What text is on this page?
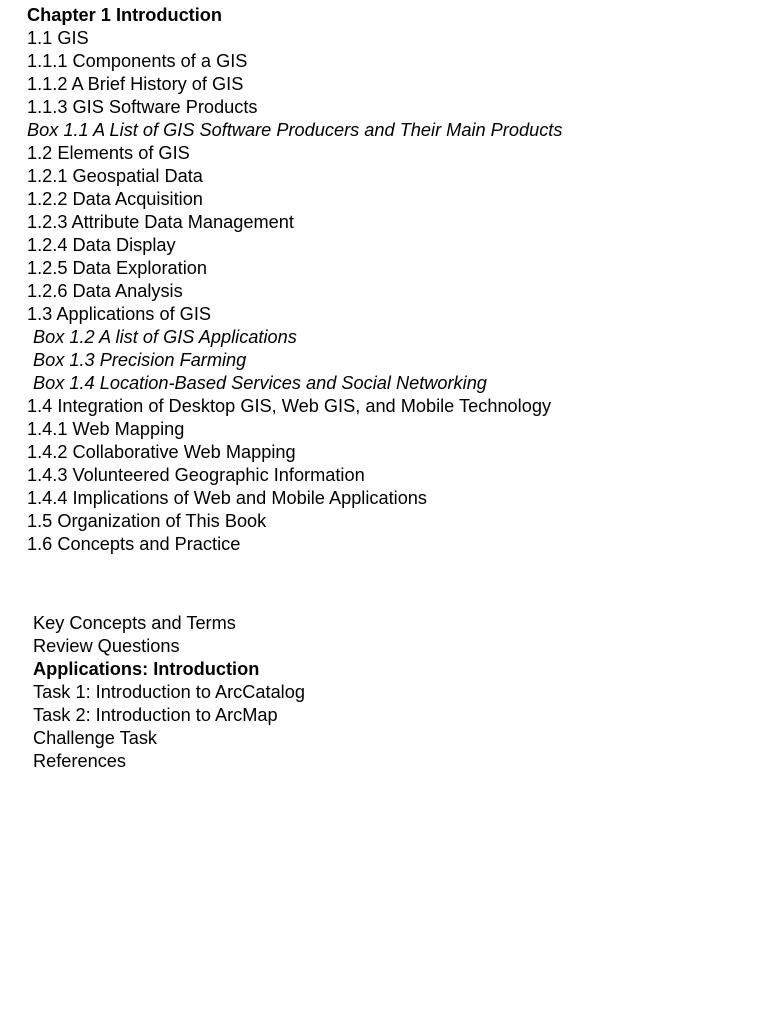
Chapter 1 Introduction
1.1 GIS
1.1.1 Components of a GIS
1.1.2 A Brief History of GIS
1.1.3 GIS Software Products
Box 1.1 A List of GIS Software Producers and Their Main Products
1.2 Elements of GIS
1.2.1 Geospatial Data
1.2.2 Data Acquisition
1.2.3 Attribute Data Management
1.2.4 Data Display
1.2.5 Data Exploration
1.2.6 Data Analysis
1.3 Applications of GIS
Box 1.2 A list of GIS Applications
Box 1.3 Precision Farming
Box 1.4 Location-Based Services and Social Networking
1.4 Integration of Desktop GIS, Web GIS, and Mobile Technology
1.4.1 Web Mapping
1.4.2 Collaborative Web Mapping
1.4.3 Volunteered Geographic Information
1.4.4 Implications of Web and Mobile Applications
1.5 Organization of This Book
1.6 Concepts and Practice
Key Concepts and Terms
Review Questions
Applications: Introduction
Task 1: Introduction to ArcCatalog
Task 2: Introduction to ArcMap
Challenge Task
References
